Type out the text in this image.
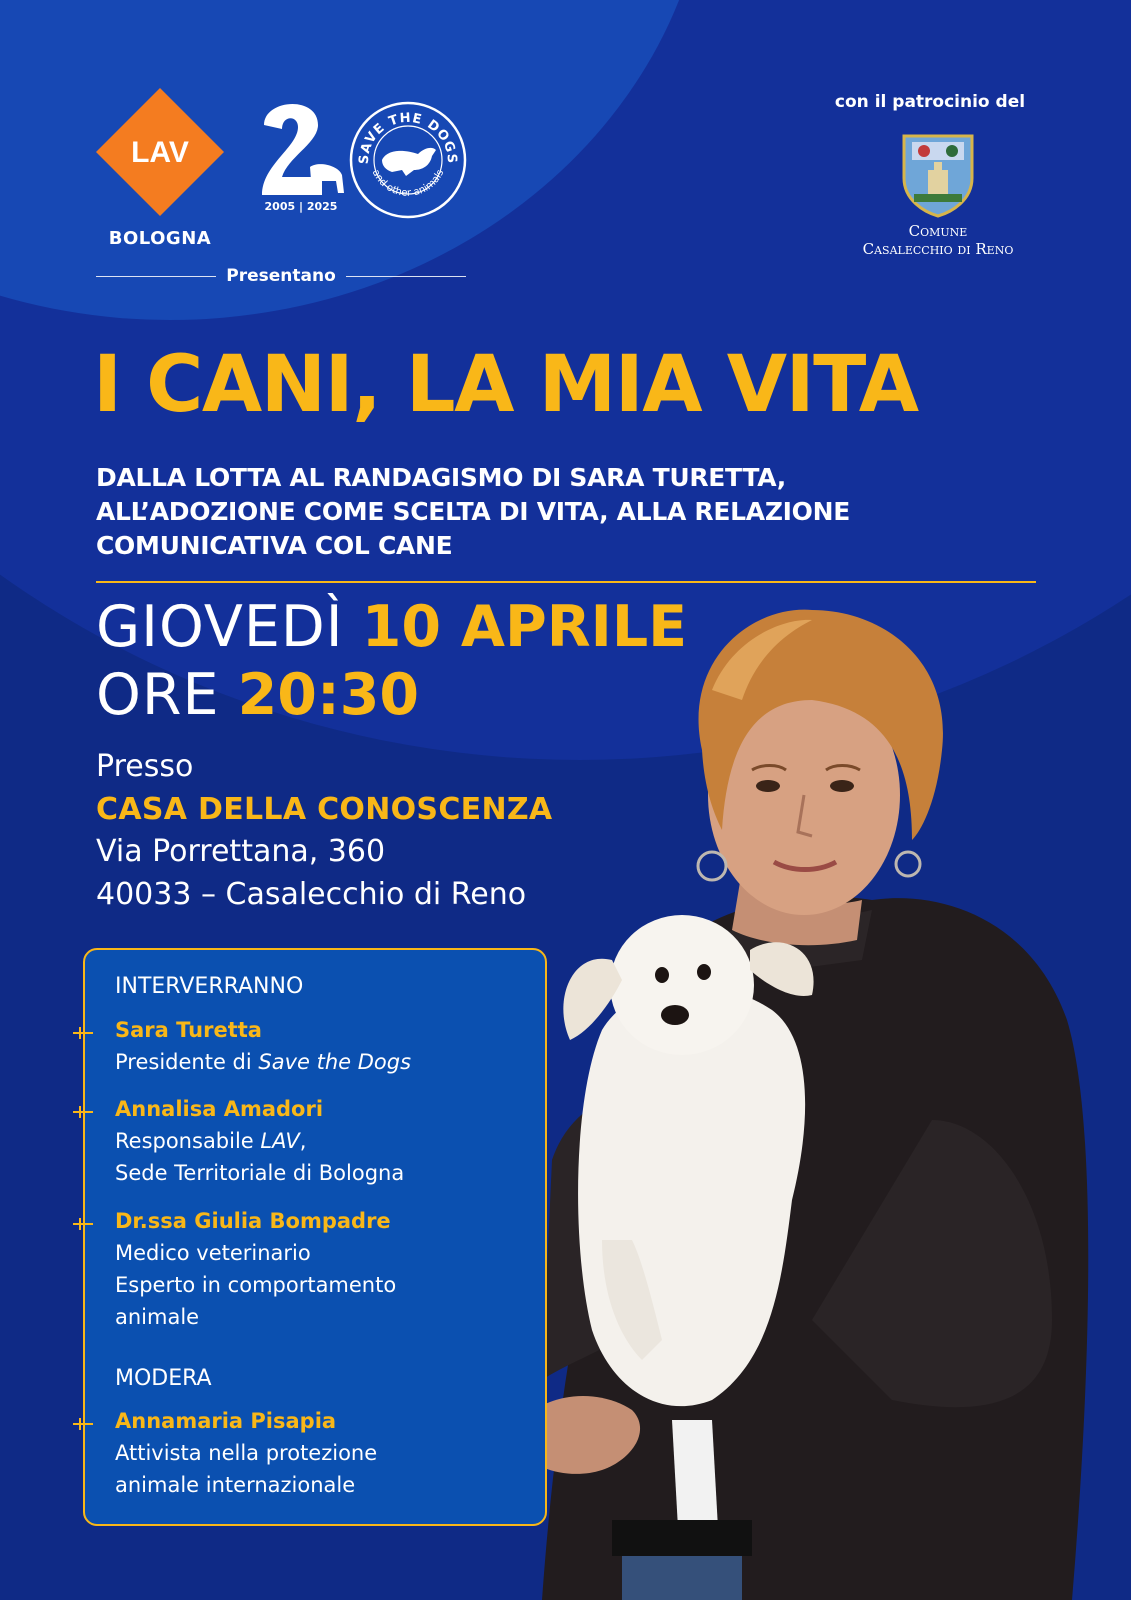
LAV
BOLOGNA
2005 | 2025
SAVE THE DOGS
and other animals
Presentano
con il patrocinio del
Comune
Casalecchio di Reno
I CANI, LA MIA VITA
DALLA LOTTA AL RANDAGISMO DI SARA TURETTA,
ALL’ADOZIONE COME SCELTA DI VITA, ALLA RELAZIONE
COMUNICATIVA COL CANE
GIOVEDÌ 10 APRILE
ORE 20:30
Presso
CASA DELLA CONOSCENZA
Via Porrettana, 360
40033 – Casalecchio di Reno
INTERVERRANNO
Sara Turetta
Presidente di Save the Dogs
Annalisa Amadori
Responsabile LAV,
Sede Territoriale di Bologna
Dr.ssa Giulia Bompadre
Medico veterinario
Esperto in comportamento
animale
MODERA
Annamaria Pisapia
Attivista nella protezione
animale internazionale
